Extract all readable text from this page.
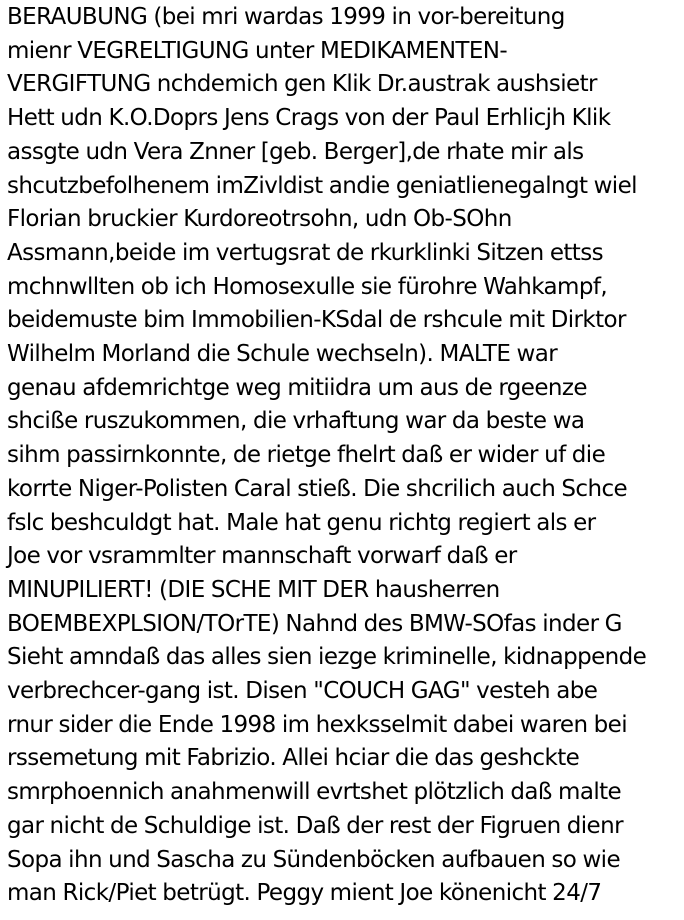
BERAUBUNG (bei mri wardas 1999 in vor-bereitung
mienr VEGRELTIGUNG unter MEDIKAMENTEN-
VERGIFTUNG nchdemich gen Klik Dr.austrak aushsietr
Hett udn K.O.Doprs Jens Crags von der Paul Erhlicjh Klik
assgte udn Vera Znner [geb. Berger],de rhate mir als
shcutzbefolhenem imZivldist andie geniatlienegalngt wiel
Florian bruckier Kurdoreotrsohn, udn Ob-SOhn
Assmann,beide im vertugsrat de rkurklinki Sitzen ettss
mchnwllten ob ich Homosexulle sie fürohre Wahkampf,
beidemuste bim Immobilien-KSdal de rshcule mit Dirktor
Wilhelm Morland die Schule wechseln). MALTE war
genau afdemrichtge weg mitiidra um aus de rgeenze
shcißе ruszukommen, die vrhaftung war da beste wa
sihm passirnkonnte, de rietge fhelrt daß er wider uf die
korrte Niger-Polisten Caral stieß. Die shcrilich auch Schce
fslc beshculdgt hat. Male hat genu richtg regiert als er
Joe vor vsrammlter mannschaft vorwarf daß er
MINUPILIERT! (DIE SCHE MIT DER hausherren
BOEMBEXPLSION/TOrTE) Nahnd des BMW-SOfas inder G
Sieht amndaß das alles sien iezge kriminelle, kidnappende
verbrechcer-gang ist. Disen "COUCH GAG" vesteh abe
rnur sider die Ende 1998 im hexksselmit dabei waren bei
rssemetung mit Fabrizio. Allei hciar die das geshckte
smrphoennich anahmenwill evrtshet plötzlich daß malte
gar nicht de Schuldige ist. Daß der rest der Figruen dienr
Sopa ihn und Sascha zu Sündenböcken aufbauen so wie
man Rick/Piet betrügt. Peggy mient Joe könenicht 24/7
